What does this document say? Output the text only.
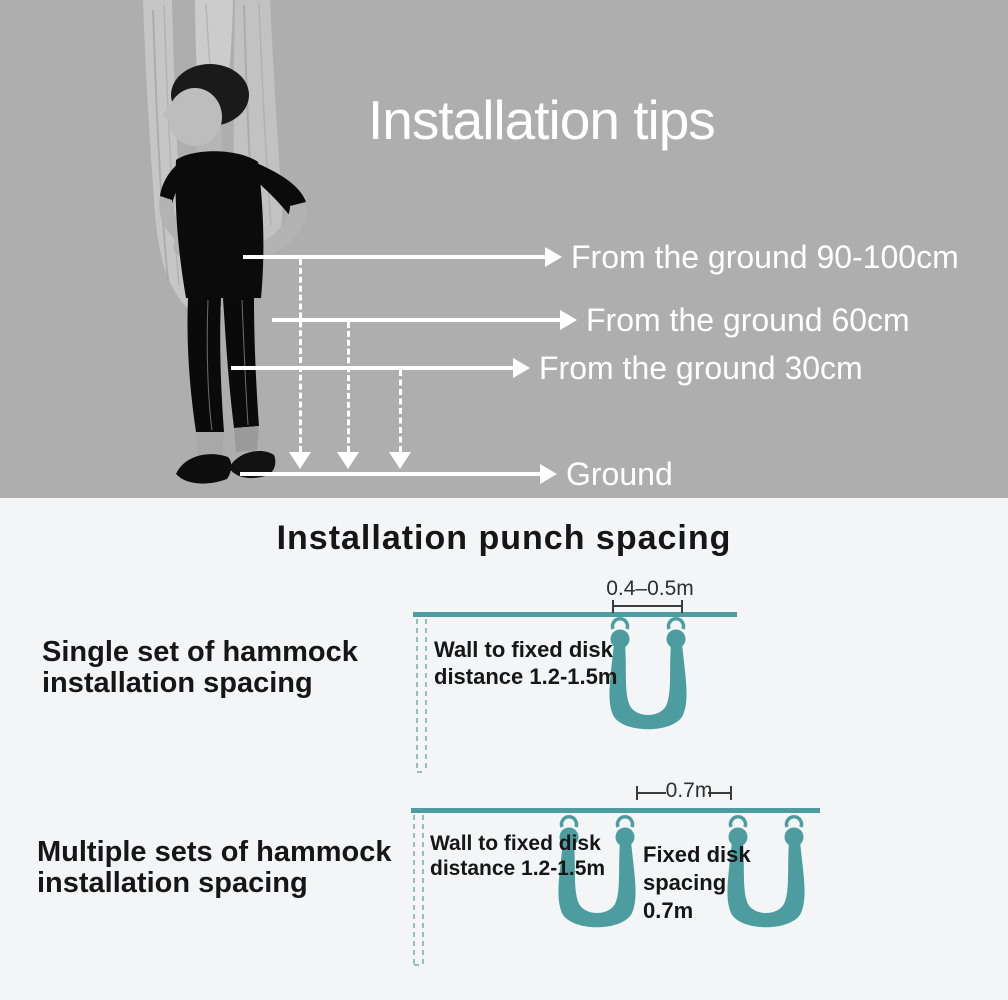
Installation tips
From the ground 90-100cm
From the ground 60cm
From the ground 30cm
Ground
Installation punch spacing
Single set of hammock
installation spacing
0.4–0.5m
Wall to fixed disk
distance 1.2-1.5m
Multiple sets of hammock
installation spacing
0.7m
Wall to fixed disk
distance 1.2-1.5m
Fixed disk
spacing
0.7m
